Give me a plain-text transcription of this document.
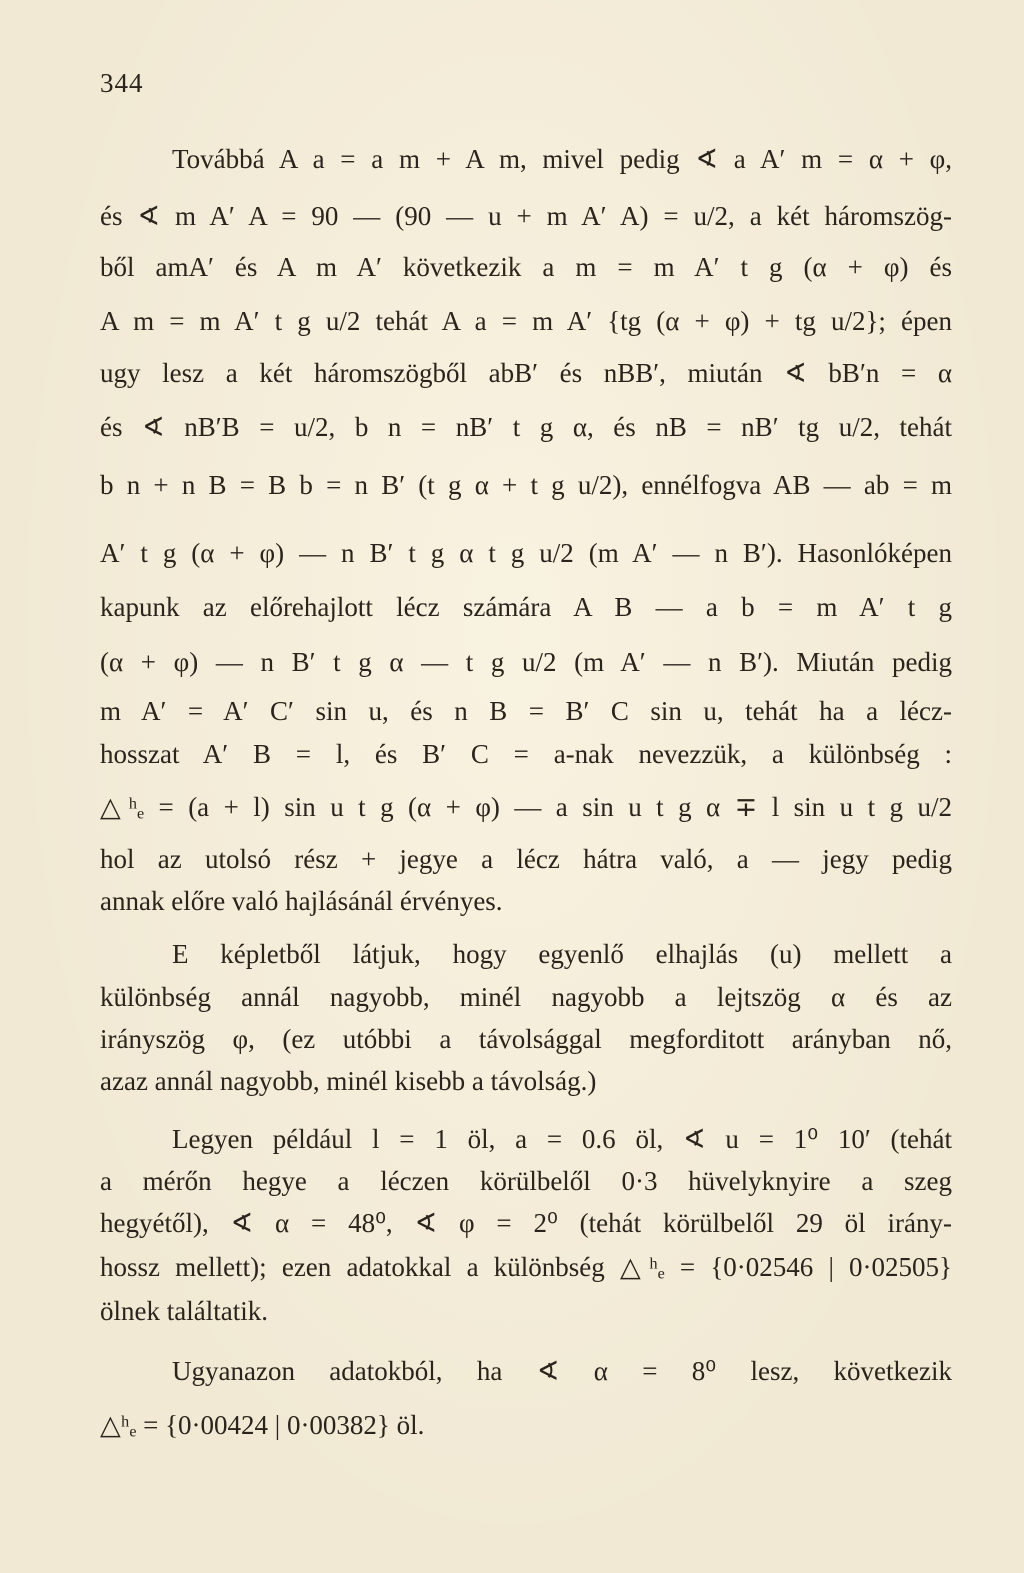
344
Továbbá A a = a m + A m, mivel pedig ∢ a A′ m = α + φ,
és ∢ m A′ A = 90 — (90 — u + m A′ A) = u/2, a két háromszög-
ből amA′ és A m A′ következik a m = m A′ t g (α + φ) és
A m = m A′ t g u/2 tehát A a = m A′ {tg (α + φ) + tg u/2}; épen
ugy lesz a két háromszögből abB′ és nBB′, miután ∢ bB′n = α
és ∢ nB′B = u/2, b n = nB′ t g α, és nB = nB′ tg u/2, tehát
b n + n B = B b = n B′ (t g α + t g u/2), ennélfogva AB — ab = m
A′ t g (α + φ) — n B′ t g α t g u/2 (m A′ — n B′). Hasonlóképen
kapunk az előrehajlott lécz számára A B — a b = m A′ t g
(α + φ) — n B′ t g α — t g u/2 (m A′ — n B′). Miután pedig
m A′ = A′ C′ sin u, és n B = B′ C sin u, tehát ha a lécz-
hosszat A′ B = l, és B′ C = a-nak nevezzük, a különbség :
△ʰₑ = (a + l) sin u t g (α + φ) — a sin u t g α ∓ l sin u t g u/2
hol az utolsó rész + jegye a lécz hátra való, a — jegy pedig
annak előre való hajlásánál érvényes.
E képletből látjuk, hogy egyenlő elhajlás (u) mellett a
különbség annál nagyobb, minél nagyobb a lejtszög α és az
irányszög φ, (ez utóbbi a távolsággal megforditott arányban nő,
azaz annál nagyobb, minél kisebb a távolság.)
Legyen például l = 1 öl, a = 0.6 öl, ∢ u = 1⁰ 10′ (tehát
a mérőn hegye a léczen körülbelől 0·3 hüvelyknyire a szeg
hegyétől), ∢ α = 48⁰, ∢ φ = 2⁰ (tehát körülbelől 29 öl irány-
hossz mellett); ezen adatokkal a különbség △ʰₑ = {0·02546 | 0·02505}
ölnek találtatik.
Ugyanazon adatokból, ha ∢ α = 8⁰ lesz, következik
△ʰₑ = {0·00424 | 0·00382} öl.
